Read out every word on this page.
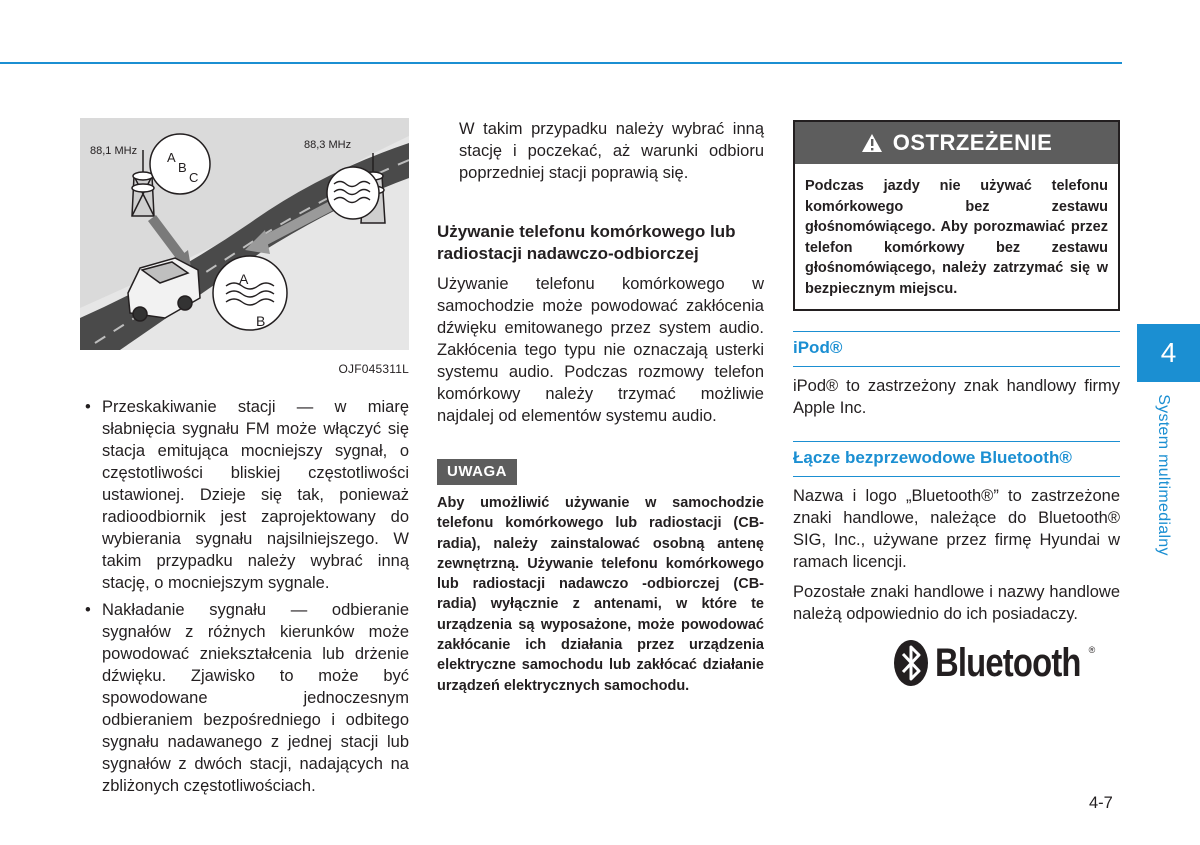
88,1 MHz	88,3 MHz
A
B
C
A
B
OJF045311L
• Przeskakiwanie stacji — w miarę słabnięcia sygnału FM może włączyć się stacja emitująca mocniejszy sygnał, o częstotliwości bliskiej częstotliwości ustawionej. Dzieje się tak, ponieważ radioodbiornik jest zaprojektowany do wybierania sygnału najsilniejszego. W takim przypadku należy wybrać inną stację, o mocniejszym sygnale.
• Nakładanie sygnału — odbieranie sygnałów z różnych kierunków może powodować zniekształcenia lub drżenie dźwięku. Zjawisko to może być spowodowane jednoczesnym odbieraniem bezpośredniego i odbitego sygnału nadawanego z jednej stacji lub sygnałów z dwóch stacji, nadających na zbliżonych częstotliwościach.

W takim przypadku należy wybrać inną stację i poczekać, aż warunki odbioru poprzedniej stacji poprawią się.

Używanie telefonu komórkowego lub radiostacji nadawczo-odbiorczej

Używanie telefonu komórkowego w samochodzie może powodować zakłócenia dźwięku emitowanego przez system audio. Zakłócenia tego typu nie oznaczają usterki systemu audio. Podczas rozmowy telefon komórkowy należy trzymać możliwie najdalej od elementów systemu audio.

UWAGA
Aby umożliwić używanie w samochodzie telefonu komórkowego lub radiostacji (CB-radia), należy zainstalować osobną antenę zewnętrzną. Używanie telefonu komórkowego lub radiostacji nadawczo -odbiorczej (CB-radia) wyłącznie z antenami, w które te urządzenia są wyposażone, może powodować zakłócanie ich działania przez urządzenia elektryczne samochodu lub zakłócać działanie urządzeń elektrycznych samochodu.
OSTRZEŻENIE
Podczas jazdy nie używać telefonu komórkowego bez zestawu głośnomówiącego. Aby porozmawiać przez telefon komórkowy bez zestawu głośnomówiącego, należy zatrzymać się w bezpiecznym miejscu.
iPod®

iPod® to zastrzeżony znak handlowy firmy Apple Inc.

Łącze bezprzewodowe Bluetooth®

Nazwa i logo „Bluetooth®” to zastrzeżone znaki handlowe, należące do Bluetooth® SIG, Inc., używane przez firmę Hyundai w ramach licencji.

Pozostałe znaki handlowe i nazwy handlowe należą odpowiednio do ich posiadaczy.

Bluetooth ®
4
System multimedialny
4-7
